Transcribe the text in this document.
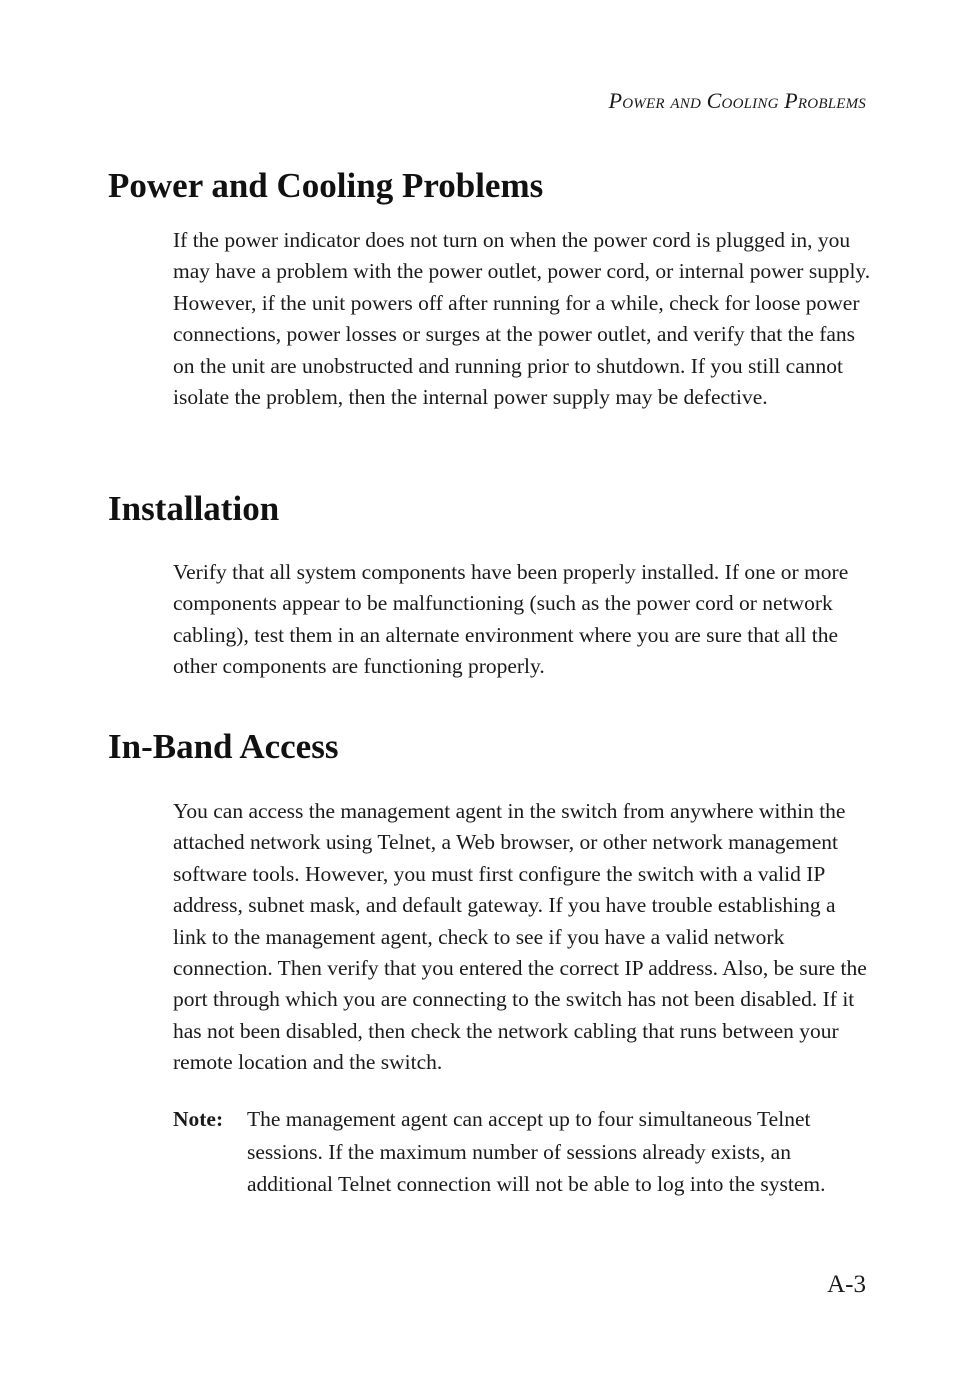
Power and Cooling Problems
Power and Cooling Problems

If the power indicator does not turn on when the power cord is plugged in, you may have a problem with the power outlet, power cord, or internal power supply. However, if the unit powers off after running for a while, check for loose power connections, power losses or surges at the power outlet, and verify that the fans on the unit are unobstructed and running prior to shutdown. If you still cannot isolate the problem, then the internal power supply may be defective.

Installation

Verify that all system components have been properly installed. If one or more components appear to be malfunctioning (such as the power cord or network cabling), test them in an alternate environment where you are sure that all the other components are functioning properly.

In-Band Access

You can access the management agent in the switch from anywhere within the attached network using Telnet, a Web browser, or other network management software tools. However, you must first configure the switch with a valid IP address, subnet mask, and default gateway. If you have trouble establishing a link to the management agent, check to see if you have a valid network connection. Then verify that you entered the correct IP address. Also, be sure the port through which you are connecting to the switch has not been disabled. If it has not been disabled, then check the network cabling that runs between your remote location and the switch.

Note: The management agent can accept up to four simultaneous Telnet sessions. If the maximum number of sessions already exists, an additional Telnet connection will not be able to log into the system.

A-3
